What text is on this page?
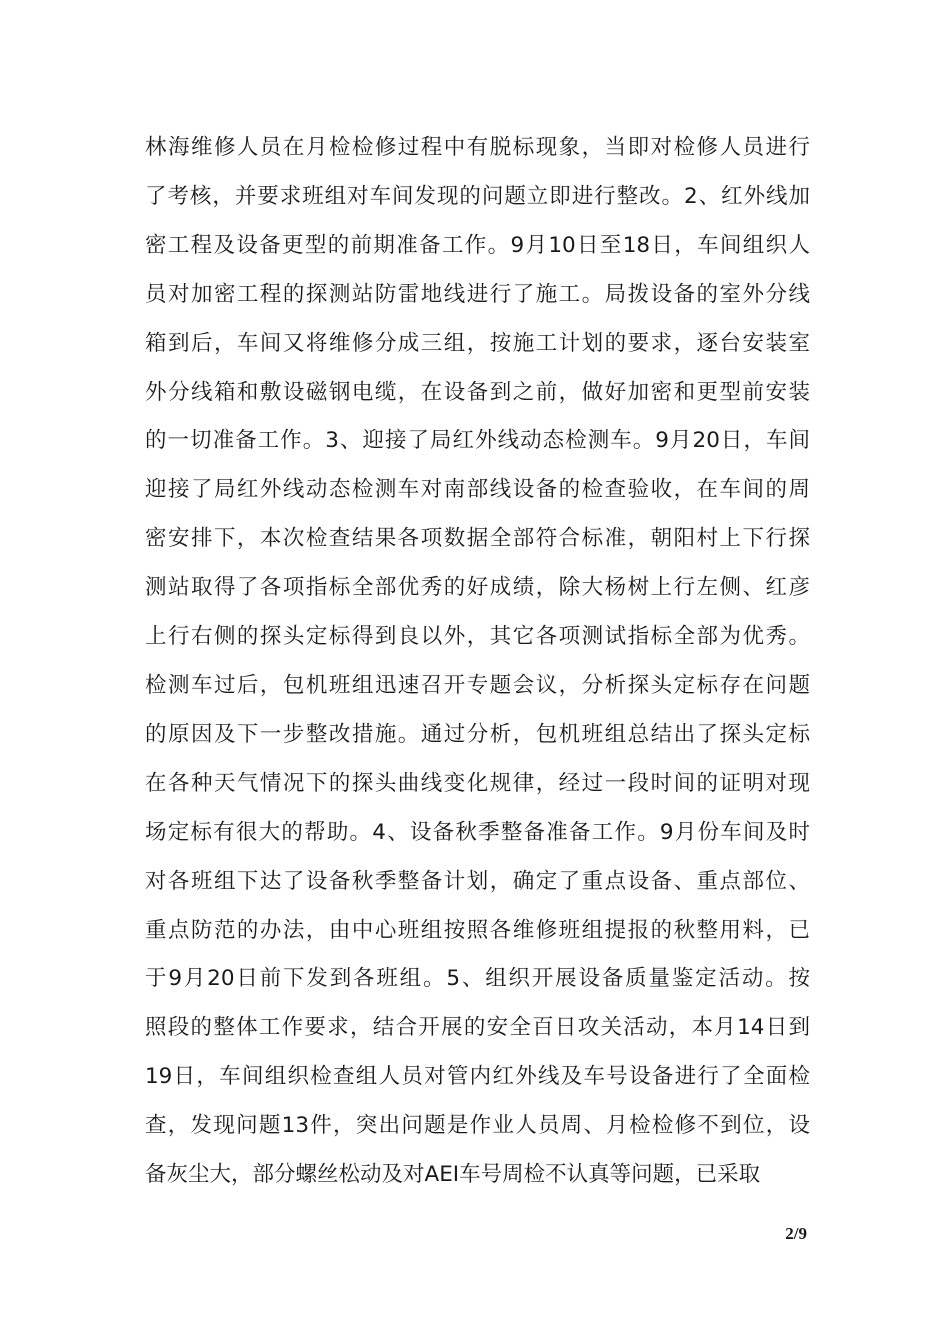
林海维修人员在月检检修过程中有脱标现象，当即对检修人员进行
了考核，并要求班组对车间发现的问题立即进行整改。2、红外线加
密工程及设备更型的前期准备工作。9月10日至18日，车间组织人
员对加密工程的探测站防雷地线进行了施工。局拨设备的室外分线
箱到后，车间又将维修分成三组，按施工计划的要求，逐台安装室
外分线箱和敷设磁钢电缆，在设备到之前，做好加密和更型前安装
的一切准备工作。3、迎接了局红外线动态检测车。9月20日，车间
迎接了局红外线动态检测车对南部线设备的检查验收，在车间的周
密安排下，本次检查结果各项数据全部符合标准，朝阳村上下行探
测站取得了各项指标全部优秀的好成绩，除大杨树上行左侧、红彦
上行右侧的探头定标得到良以外，其它各项测试指标全部为优秀。
检测车过后，包机班组迅速召开专题会议，分析探头定标存在问题
的原因及下一步整改措施。通过分析，包机班组总结出了探头定标
在各种天气情况下的探头曲线变化规律，经过一段时间的证明对现
场定标有很大的帮助。4、设备秋季整备准备工作。9月份车间及时
对各班组下达了设备秋季整备计划，确定了重点设备、重点部位、
重点防范的办法，由中心班组按照各维修班组提报的秋整用料，已
于9月20日前下发到各班组。5、组织开展设备质量鉴定活动。按
照段的整体工作要求，结合开展的安全百日攻关活动，本月14日到
19日，车间组织检查组人员对管内红外线及车号设备进行了全面检
查，发现问题13件，突出问题是作业人员周、月检检修不到位，设
备灰尘大，部分螺丝松动及对AEI车号周检不认真等问题，已采取
2/9
